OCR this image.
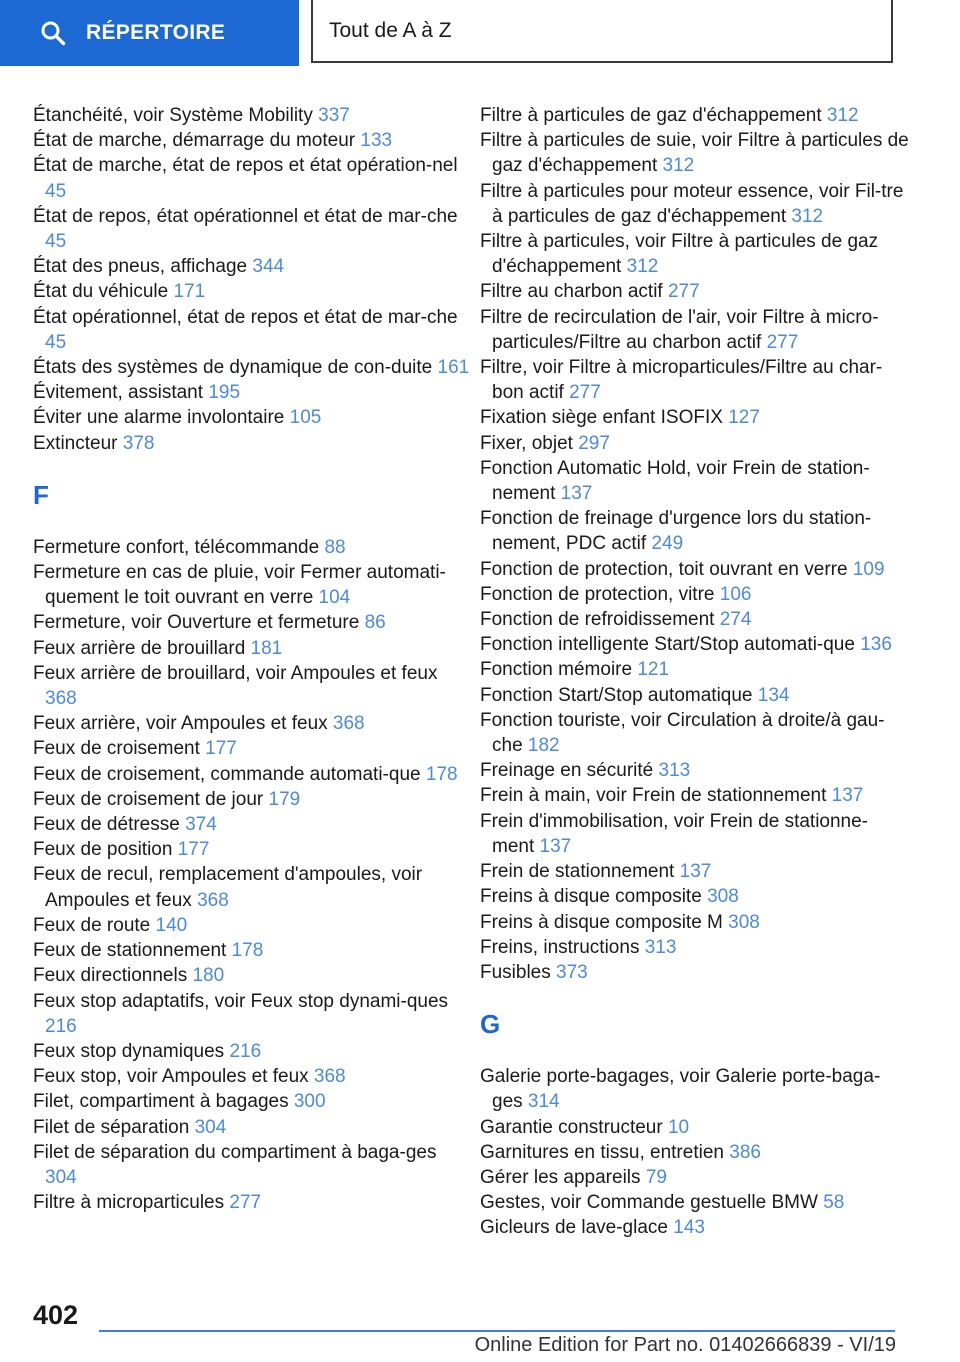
RÉPERTOIRE	Tout de A à Z
Étanchéité, voir Système Mobility 337
État de marche, démarrage du moteur 133
État de marche, état de repos et état opération‐nel 45
État de repos, état opérationnel et état de mar‐che 45
État des pneus, affichage 344
État du véhicule 171
État opérationnel, état de repos et état de mar‐che 45
États des systèmes de dynamique de con‐duite 161
Évitement, assistant 195
Éviter une alarme involontaire 105
Extincteur 378
F
Fermeture confort, télécommande 88
Fermeture en cas de pluie, voir Fermer automati‐quement le toit ouvrant en verre 104
Fermeture, voir Ouverture et fermeture 86
Feux arrière de brouillard 181
Feux arrière de brouillard, voir Ampoules et feux 368
Feux arrière, voir Ampoules et feux 368
Feux de croisement 177
Feux de croisement, commande automati‐que 178
Feux de croisement de jour 179
Feux de détresse 374
Feux de position 177
Feux de recul, remplacement d'ampoules, voir Ampoules et feux 368
Feux de route 140
Feux de stationnement 178
Feux directionnels 180
Feux stop adaptatifs, voir Feux stop dynami‐ques 216
Feux stop dynamiques 216
Feux stop, voir Ampoules et feux 368
Filet, compartiment à bagages 300
Filet de séparation 304
Filet de séparation du compartiment à baga‐ges 304
Filtre à microparticules 277
Filtre à particules de gaz d'échappement 312
Filtre à particules de suie, voir Filtre à particules de gaz d'échappement 312
Filtre à particules pour moteur essence, voir Fil‐tre à particules de gaz d'échappement 312
Filtre à particules, voir Filtre à particules de gaz d'échappement 312
Filtre au charbon actif 277
Filtre de recirculation de l'air, voir Filtre à micro‐particules/Filtre au charbon actif 277
Filtre, voir Filtre à microparticules/Filtre au char‐bon actif 277
Fixation siège enfant ISOFIX 127
Fixer, objet 297
Fonction Automatic Hold, voir Frein de station‐nement 137
Fonction de freinage d'urgence lors du station‐nement, PDC actif 249
Fonction de protection, toit ouvrant en verre 109
Fonction de protection, vitre 106
Fonction de refroidissement 274
Fonction intelligente Start/Stop automati‐que 136
Fonction mémoire 121
Fonction Start/Stop automatique 134
Fonction touriste, voir Circulation à droite/à gau‐che 182
Freinage en sécurité 313
Frein à main, voir Frein de stationnement 137
Frein d'immobilisation, voir Frein de stationne‐ment 137
Frein de stationnement 137
Freins à disque composite 308
Freins à disque composite M 308
Freins, instructions 313
Fusibles 373
G
Galerie porte-bagages, voir Galerie porte-baga‐ges 314
Garantie constructeur 10
Garnitures en tissu, entretien 386
Gérer les appareils 79
Gestes, voir Commande gestuelle BMW 58
Gicleurs de lave-glace 143
402
Online Edition for Part no. 01402666839 - VI/19
